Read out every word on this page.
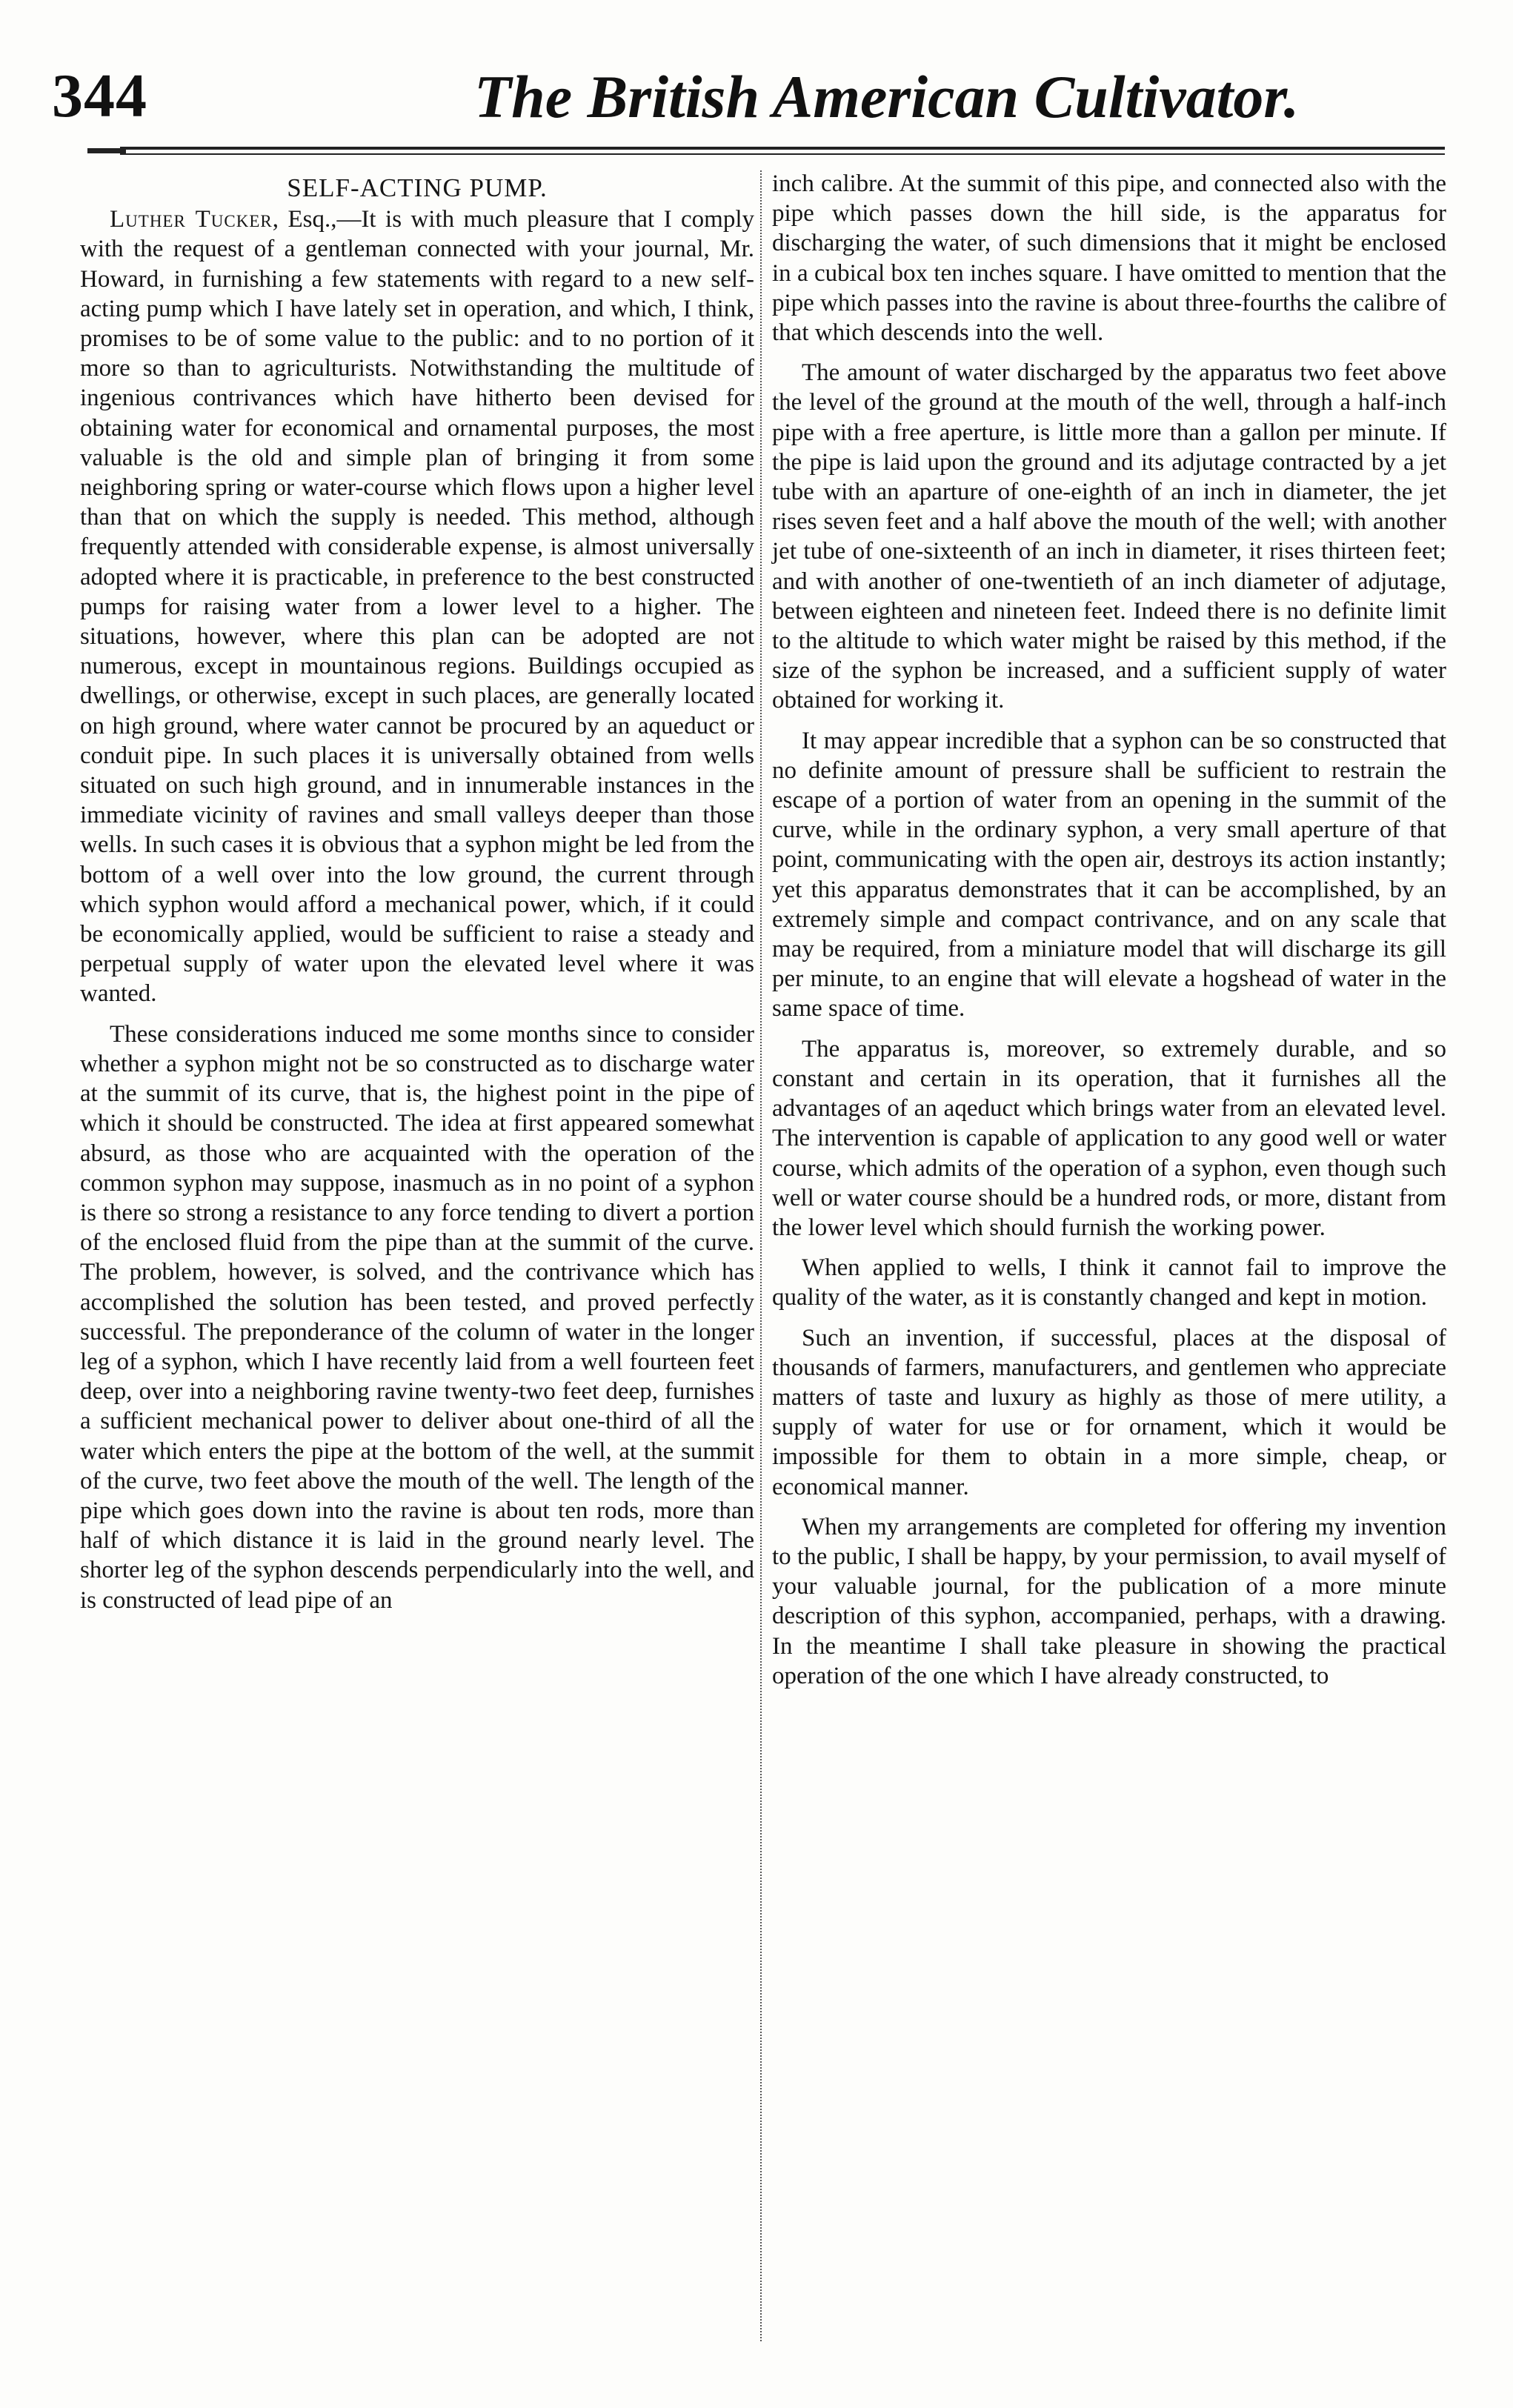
344	The British American Cultivator.
SELF-ACTING PUMP.

Luther Tucker, Esq.,—It is with much pleasure that I comply with the request of a gentleman connected with your journal, Mr. Howard, in furnishing a few statements with regard to a new self-acting pump which I have lately set in operation, and which, I think, promises to be of some value to the public: and to no portion of it more so than to agriculturists. Notwithstanding the multitude of ingenious contrivances which have hitherto been devised for obtaining water for economical and ornamental purposes, the most valuable is the old and simple plan of bringing it from some neighboring spring or water-course which flows upon a higher level than that on which the supply is needed. This method, although frequently attended with considerable expense, is almost universally adopted where it is practicable, in preference to the best constructed pumps for raising water from a lower level to a higher. The situations, however, where this plan can be adopted are not numerous, except in mountainous regions. Buildings occupied as dwellings, or otherwise, except in such places, are generally located on high ground, where water cannot be procured by an aqueduct or conduit pipe. In such places it is universally obtained from wells situated on such high ground, and in innumerable instances in the immediate vicinity of ravines and small valleys deeper than those wells. In such cases it is obvious that a syphon might be led from the bottom of a well over into the low ground, the current through which syphon would afford a mechanical power, which, if it could be economically applied, would be sufficient to raise a steady and perpetual supply of water upon the elevated level where it was wanted.

These considerations induced me some months since to consider whether a syphon might not be so constructed as to discharge water at the summit of its curve, that is, the highest point in the pipe of which it should be constructed. The idea at first appeared somewhat absurd, as those who are acquainted with the operation of the common syphon may suppose, inasmuch as in no point of a syphon is there so strong a resistance to any force tending to divert a portion of the enclosed fluid from the pipe than at the summit of the curve. The problem, however, is solved, and the contrivance which has accomplished the solution has been tested, and proved perfectly successful. The preponderance of the column of water in the longer leg of a syphon, which I have recently laid from a well fourteen feet deep, over into a neighboring ravine twenty-two feet deep, furnishes a sufficient mechanical power to deliver about one-third of all the water which enters the pipe at the bottom of the well, at the summit of the curve, two feet above the mouth of the well. The length of the pipe which goes down into the ravine is about ten rods, more than half of which distance it is laid in the ground nearly level. The shorter leg of the syphon descends perpendicularly into the well, and is constructed of lead pipe of an

inch calibre. At the summit of this pipe, and connected also with the pipe which passes down the hill side, is the apparatus for discharging the water, of such dimensions that it might be enclosed in a cubical box ten inches square. I have omitted to mention that the pipe which passes into the ravine is about three-fourths the calibre of that which descends into the well.

The amount of water discharged by the apparatus two feet above the level of the ground at the mouth of the well, through a half-inch pipe with a free aperture, is little more than a gallon per minute. If the pipe is laid upon the ground and its adjutage contracted by a jet tube with an aparture of one-eighth of an inch in diameter, the jet rises seven feet and a half above the mouth of the well; with another jet tube of one-sixteenth of an inch in diameter, it rises thirteen feet; and with another of one-twentieth of an inch diameter of adjutage, between eighteen and nineteen feet. Indeed there is no definite limit to the altitude to which water might be raised by this method, if the size of the syphon be increased, and a sufficient supply of water obtained for working it.

It may appear incredible that a syphon can be so constructed that no definite amount of pressure shall be sufficient to restrain the escape of a portion of water from an opening in the summit of the curve, while in the ordinary syphon, a very small aperture of that point, communicating with the open air, destroys its action instantly; yet this apparatus demonstrates that it can be accomplished, by an extremely simple and compact contrivance, and on any scale that may be required, from a miniature model that will discharge its gill per minute, to an engine that will elevate a hogshead of water in the same space of time.

The apparatus is, moreover, so extremely durable, and so constant and certain in its operation, that it furnishes all the advantages of an aqeduct which brings water from an elevated level. The intervention is capable of application to any good well or water course, which admits of the operation of a syphon, even though such well or water course should be a hundred rods, or more, distant from the lower level which should furnish the working power.

When applied to wells, I think it cannot fail to improve the quality of the water, as it is constantly changed and kept in motion.

Such an invention, if successful, places at the disposal of thousands of farmers, manufacturers, and gentlemen who appreciate matters of taste and luxury as highly as those of mere utility, a supply of water for use or for ornament, which it would be impossible for them to obtain in a more simple, cheap, or economical manner.

When my arrangements are completed for offering my invention to the public, I shall be happy, by your permission, to avail myself of your valuable journal, for the publication of a more minute description of this syphon, accompanied, perhaps, with a drawing. In the meantime I shall take pleasure in showing the practical operation of the one which I have already constructed, to
